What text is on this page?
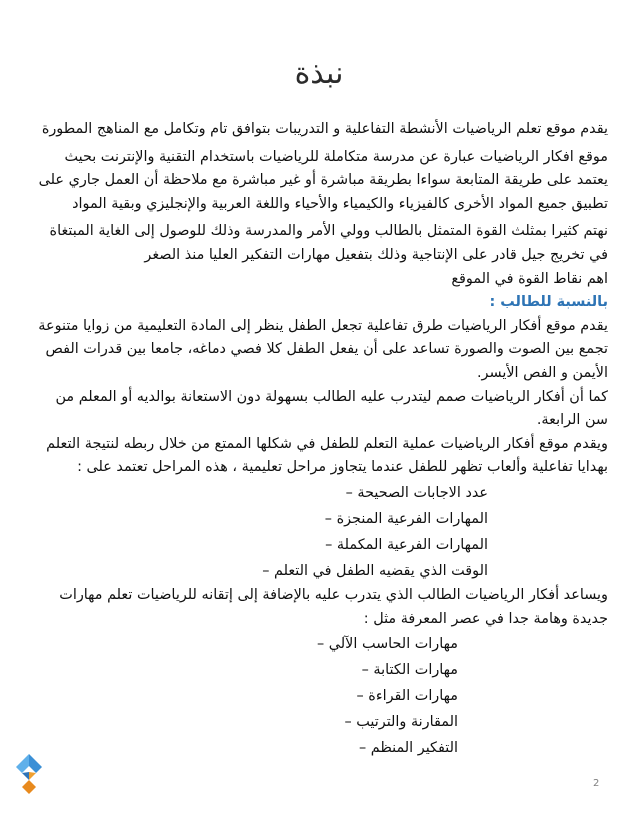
نبذة

يقدم موقع تعلم الرياضيات الأنشطة التفاعلية و التدريبات بتوافق تام وتكامل مع المناهج المطورة

موقع افكار الرياضيات عبارة عن مدرسة متكاملة للرياضيات باستخدام التقنية والإنترنت بحيث يعتمد على طريقة المتابعة سواءا بطريقة مباشرة أو غير مباشرة مع ملاحظة أن العمل جاري على تطبيق جميع المواد الأخرى كالفيزياء والكيمياء والأحياء واللغة العربية والإنجليزي وبقية المواد

نهتم كثيرا بمثلث القوة المتمثل بالطالب وولي الأمر والمدرسة وذلك للوصول إلى الغاية المبتغاة في تخريج جيل قادر على الإنتاجية وذلك بتفعيل مهارات التفكير العليا منذ الصغر

اهم نقاط القوة في الموقع

بالنسبة للطالب :

يقدم موقع أفكار الرياضيات طرق تفاعلية تجعل الطفل ينظر إلى المادة التعليمية من زوايا متنوعة تجمع بين الصوت والصورة تساعد على أن يفعل الطفل كلا فصي دماغه، جامعا بين قدرات الفص الأيمن و الفص الأيسر.

كما أن أفكار الرياضيات صمم ليتدرب عليه الطالب بسهولة دون الاستعانة بوالديه أو المعلم من سن الرابعة.

ويقدم موقع أفكار الرياضيات عملية التعلم للطفل في شكلها الممتع من خلال ربطه لنتيجة التعلم بهدايا تفاعلية وألعاب تظهر للطفل عندما يتجاوز مراحل تعليمية ، هذه المراحل تعتمد على :

عدد الاجابات الصحيحة –
المهارات الفرعية المنجزة –
المهارات الفرعية المكملة –
الوقت الذي يقضيه الطفل في التعلم –

ويساعد أفكار الرياضيات الطالب الذي يتدرب عليه بالإضافة إلى إتقانه للرياضيات تعلم مهارات جديدة وهامة جدا في عصر المعرفة مثل :

مهارات الحاسب الآلي –
مهارات الكتابة –
مهارات القراءة –
المقارنة والترتيب –
التفكير المنظم –
2
